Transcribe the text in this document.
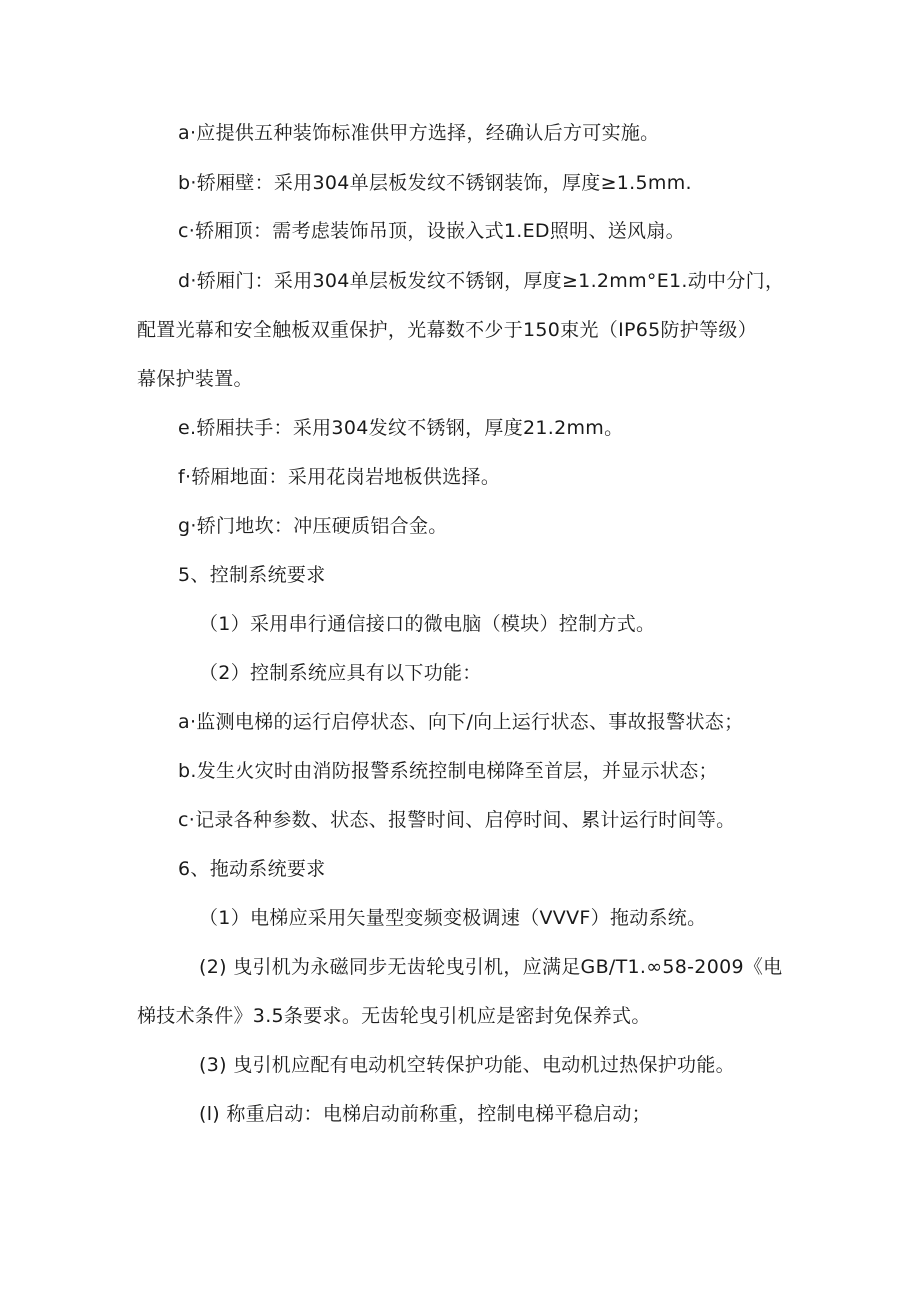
a·应提供五种装饰标准供甲方选择，经确认后方可实施。
b·轿厢壁：采用304单层板发纹不锈钢装饰，厚度≥1.5mm.
c·轿厢顶：需考虑装饰吊顶，设嵌入式1.ED照明、送风扇。
d·轿厢门：采用304单层板发纹不锈钢，厚度≥1.2mm°E1.动中分门，
配置光幕和安全触板双重保护，光幕数不少于150束光（IP65防护等级）
幕保护装置。
e.轿厢扶手：采用304发纹不锈钢，厚度21.2mm。
f·轿厢地面：采用花岗岩地板供选择。
g·轿门地坎：冲压硬质铝合金。
5、控制系统要求
（1）采用串行通信接口的微电脑（模块）控制方式。
（2）控制系统应具有以下功能：
a·监测电梯的运行启停状态、向下/向上运行状态、事故报警状态；
b.发生火灾时由消防报警系统控制电梯降至首层，并显示状态；
c·记录各种参数、状态、报警时间、启停时间、累计运行时间等。
6、拖动系统要求
（1）电梯应采用矢量型变频变极调速（VVVF）拖动系统。
(2) 曳引机为永磁同步无齿轮曳引机，应满足GB/T1.∞58-2009《电
梯技术条件》3.5条要求。无齿轮曳引机应是密封免保养式。
(3) 曳引机应配有电动机空转保护功能、电动机过热保护功能。
(l) 称重启动：电梯启动前称重，控制电梯平稳启动；
